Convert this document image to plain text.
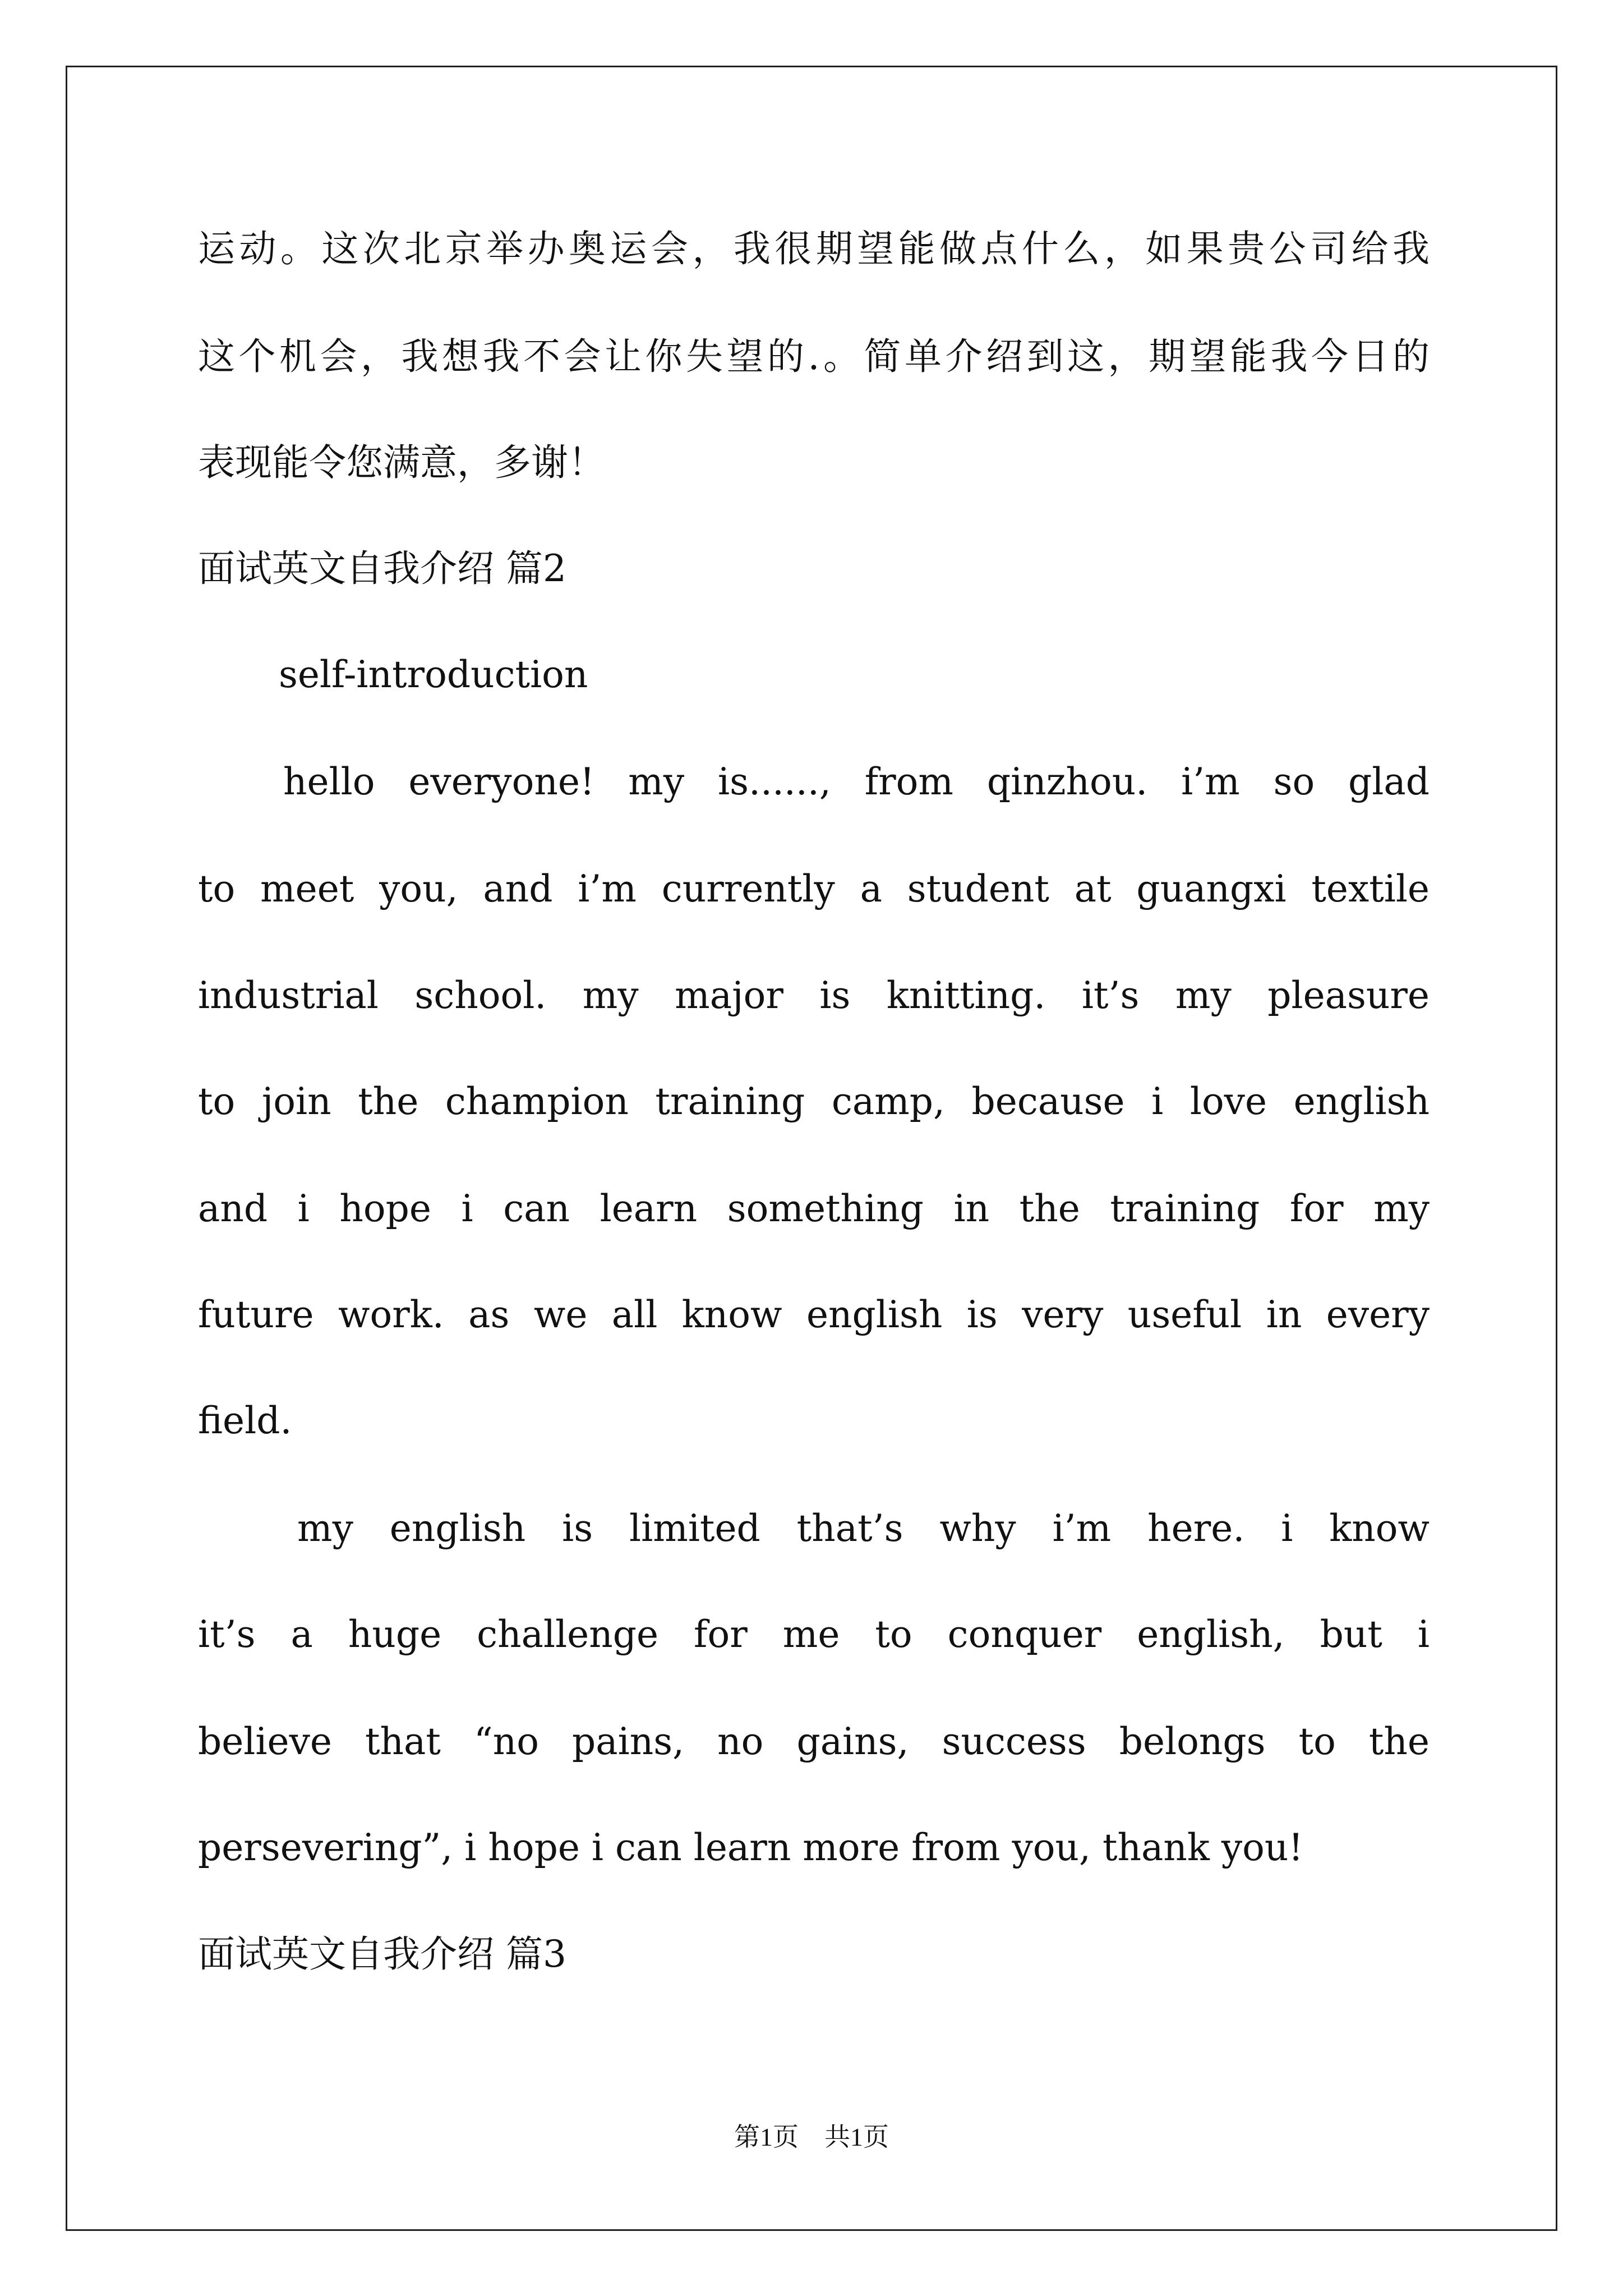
运动。这次北京举办奥运会，我很期望能做点什么，如果贵公司给我

这个机会，我想我不会让你失望的.。简单介绍到这，期望能我今日的

表现能令您满意，多谢！

面试英文自我介绍 篇2

self-introduction

hello everyone! my is......, from qinzhou. i’m so glad

to meet you, and i’m currently a student at guangxi textile

industrial school. my major is knitting. it’s my pleasure

to join the champion training camp, because i love english

and i hope i can learn something in the training for my

future work. as we all know english is very useful in every

field.

my english is limited that’s why i’m here. i know

it’s a huge challenge for me to conquer english, but i

believe that “no pains, no gains, success belongs to the

persevering”, i hope i can learn more from you, thank you!

面试英文自我介绍 篇3

第1页　共1页
